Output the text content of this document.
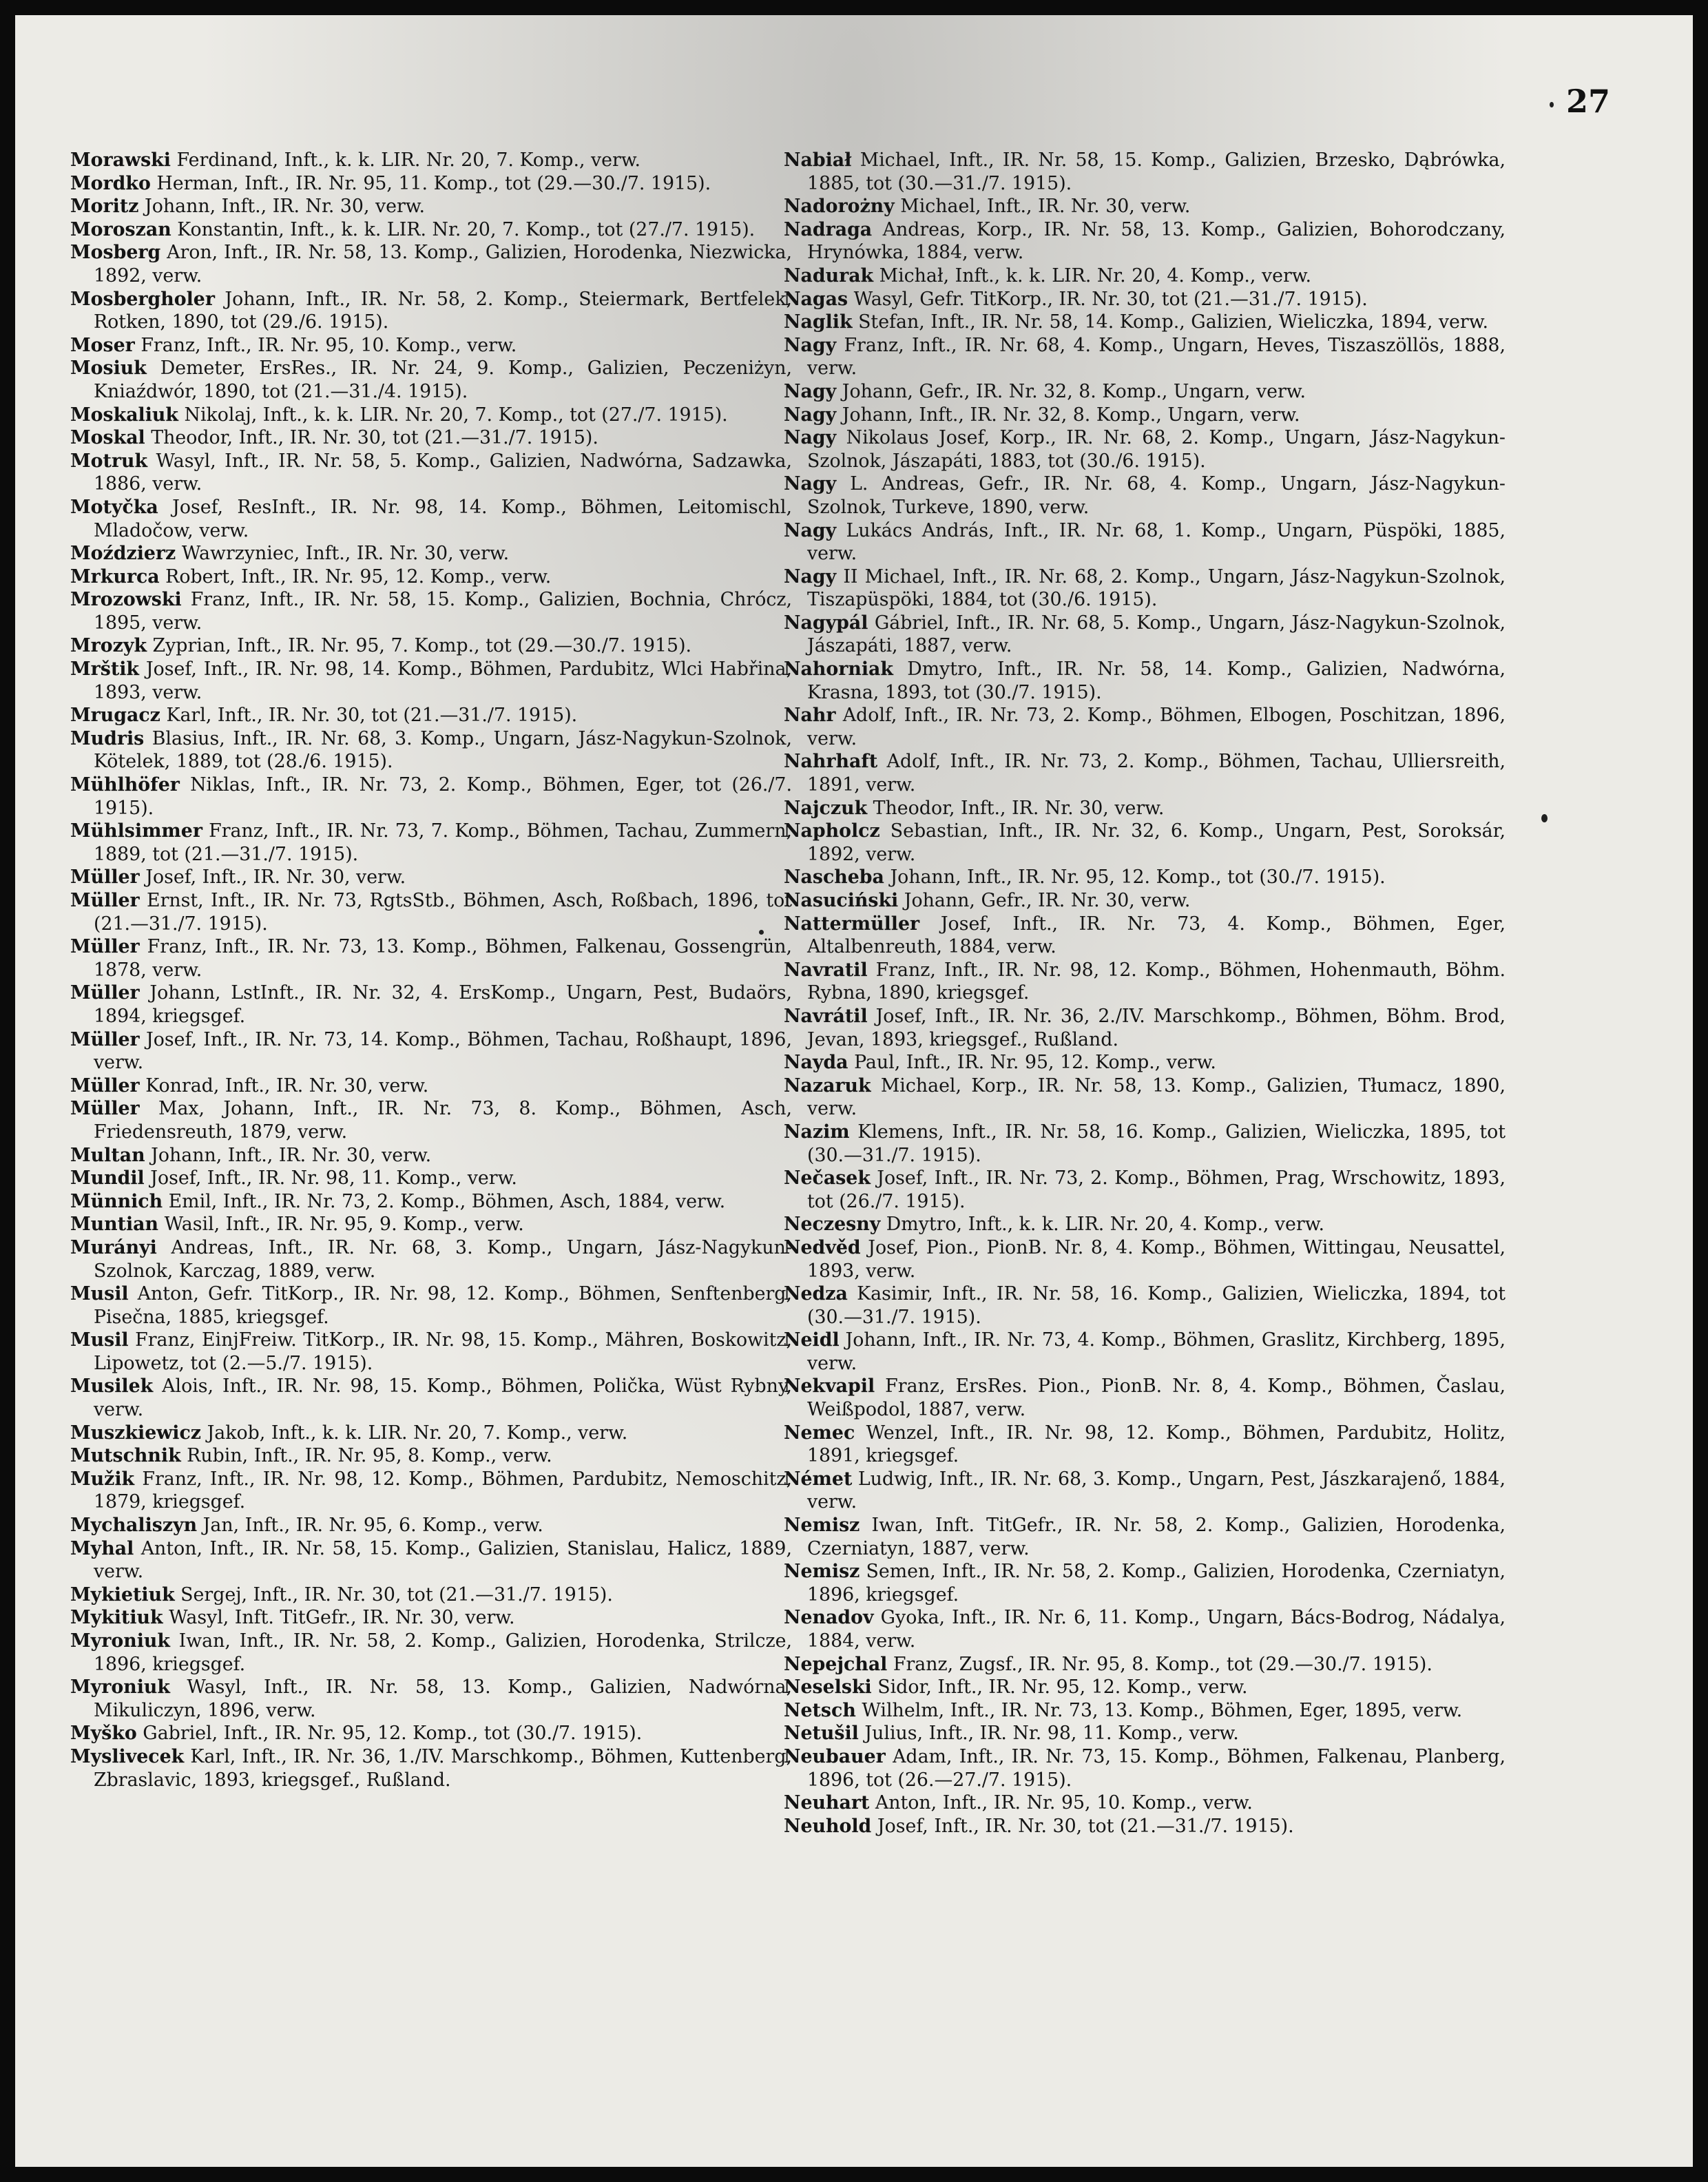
27

Morawski Ferdinand, Inft., k. k. LIR. Nr. 20, 7. Komp., verw.

Mordko Herman, Inft., IR. Nr. 95, 11. Komp., tot (29.—30./7. 1915).

Moritz Johann, Inft., IR. Nr. 30, verw.

Moroszan Konstantin, Inft., k. k. LIR. Nr. 20, 7. Komp., tot (27./7. 1915).

Mosberg Aron, Inft., IR. Nr. 58, 13. Komp., Galizien, Horodenka, Niezwicka, 1892, verw.

Mosbergholer Johann, Inft., IR. Nr. 58, 2. Komp., Steiermark, Bertfelek, Rotken, 1890, tot (29./6. 1915).

Moser Franz, Inft., IR. Nr. 95, 10. Komp., verw.

Mosiuk Demeter, ErsRes., IR. Nr. 24, 9. Komp., Galizien, Peczeniżyn, Kniaźdwór, 1890, tot (21.—31./4. 1915).

Moskaliuk Nikolaj, Inft., k. k. LIR. Nr. 20, 7. Komp., tot (27./7. 1915).

Moskal Theodor, Inft., IR. Nr. 30, tot (21.—31./7. 1915).

Motruk Wasyl, Inft., IR. Nr. 58, 5. Komp., Galizien, Nadwórna, Sadzawka, 1886, verw.

Motyčka Josef, ResInft., IR. Nr. 98, 14. Komp., Böhmen, Leitomischl, Mladočow, verw.

Moździerz Wawrzyniec, Inft., IR. Nr. 30, verw.

Mrkurca Robert, Inft., IR. Nr. 95, 12. Komp., verw.

Mrozowski Franz, Inft., IR. Nr. 58, 15. Komp., Galizien, Bochnia, Chrócz, 1895, verw.

Mrozyk Zyprian, Inft., IR. Nr. 95, 7. Komp., tot (29.—30./7. 1915).

Mrštik Josef, Inft., IR. Nr. 98, 14. Komp., Böhmen, Pardubitz, Wlci Habřina, 1893, verw.

Mrugacz Karl, Inft., IR. Nr. 30, tot (21.—31./7. 1915).

Mudris Blasius, Inft., IR. Nr. 68, 3. Komp., Ungarn, Jász-Nagykun-Szolnok, Kötelek, 1889, tot (28./6. 1915).

Mühlhöfer Niklas, Inft., IR. Nr. 73, 2. Komp., Böhmen, Eger, tot (26./7. 1915).

Mühlsimmer Franz, Inft., IR. Nr. 73, 7. Komp., Böhmen, Tachau, Zummern, 1889, tot (21.—31./7. 1915).

Müller Josef, Inft., IR. Nr. 30, verw.

Müller Ernst, Inft., IR. Nr. 73, RgtsStb., Böhmen, Asch, Roßbach, 1896, tot (21.—31./7. 1915).

Müller Franz, Inft., IR. Nr. 73, 13. Komp., Böhmen, Falkenau, Gossengrün, 1878, verw.

Müller Johann, LstInft., IR. Nr. 32, 4. ErsKomp., Ungarn, Pest, Budaörs, 1894, kriegsgef.

Müller Josef, Inft., IR. Nr. 73, 14. Komp., Böhmen, Tachau, Roßhaupt, 1896, verw.

Müller Konrad, Inft., IR. Nr. 30, verw.

Müller Max, Johann, Inft., IR. Nr. 73, 8. Komp., Böhmen, Asch, Friedensreuth, 1879, verw.

Multan Johann, Inft., IR. Nr. 30, verw.

Mundil Josef, Inft., IR. Nr. 98, 11. Komp., verw.

Münnich Emil, Inft., IR. Nr. 73, 2. Komp., Böhmen, Asch, 1884, verw.

Muntian Wasil, Inft., IR. Nr. 95, 9. Komp., verw.

Murányi Andreas, Inft., IR. Nr. 68, 3. Komp., Ungarn, Jász-Nagykun-Szolnok, Karczag, 1889, verw.

Musil Anton, Gefr. TitKorp., IR. Nr. 98, 12. Komp., Böhmen, Senftenberg, Pisečna, 1885, kriegsgef.

Musil Franz, EinjFreiw. TitKorp., IR. Nr. 98, 15. Komp., Mähren, Boskowitz, Lipowetz, tot (2.—5./7. 1915).

Musilek Alois, Inft., IR. Nr. 98, 15. Komp., Böhmen, Polička, Wüst Rybny, verw.

Muszkiewicz Jakob, Inft., k. k. LIR. Nr. 20, 7. Komp., verw.

Mutschnik Rubin, Inft., IR. Nr. 95, 8. Komp., verw.

Mužik Franz, Inft., IR. Nr. 98, 12. Komp., Böhmen, Pardubitz, Nemoschitz, 1879, kriegsgef.

Mychaliszyn Jan, Inft., IR. Nr. 95, 6. Komp., verw.

Myhal Anton, Inft., IR. Nr. 58, 15. Komp., Galizien, Stanislau, Halicz, 1889, verw.

Mykietiuk Sergej, Inft., IR. Nr. 30, tot (21.—31./7. 1915).

Mykitiuk Wasyl, Inft. TitGefr., IR. Nr. 30, verw.

Myroniuk Iwan, Inft., IR. Nr. 58, 2. Komp., Galizien, Horodenka, Strilcze, 1896, kriegsgef.

Myroniuk Wasyl, Inft., IR. Nr. 58, 13. Komp., Galizien, Nadwórna, Mikuliczyn, 1896, verw.

Myško Gabriel, Inft., IR. Nr. 95, 12. Komp., tot (30./7. 1915).

Myslivecek Karl, Inft., IR. Nr. 36, 1./IV. Marschkomp., Böhmen, Kuttenberg, Zbraslavic, 1893, kriegsgef., Rußland.

Nabiał Michael, Inft., IR. Nr. 58, 15. Komp., Galizien, Brzesko, Dąbrówka, 1885, tot (30.—31./7. 1915).

Nadorożny Michael, Inft., IR. Nr. 30, verw.

Nadraga Andreas, Korp., IR. Nr. 58, 13. Komp., Galizien, Bohorodczany, Hrynówka, 1884, verw.

Nadurak Michał, Inft., k. k. LIR. Nr. 20, 4. Komp., verw.

Nagas Wasyl, Gefr. TitKorp., IR. Nr. 30, tot (21.—31./7. 1915).

Naglik Stefan, Inft., IR. Nr. 58, 14. Komp., Galizien, Wieliczka, 1894, verw.

Nagy Franz, Inft., IR. Nr. 68, 4. Komp., Ungarn, Heves, Tiszaszöllös, 1888, verw.

Nagy Johann, Gefr., IR. Nr. 32, 8. Komp., Ungarn, verw.

Nagy Johann, Inft., IR. Nr. 32, 8. Komp., Ungarn, verw.

Nagy Nikolaus Josef, Korp., IR. Nr. 68, 2. Komp., Ungarn, Jász-Nagykun-Szolnok, Jászapáti, 1883, tot (30./6. 1915).

Nagy L. Andreas, Gefr., IR. Nr. 68, 4. Komp., Ungarn, Jász-Nagykun-Szolnok, Turkeve, 1890, verw.

Nagy Lukács András, Inft., IR. Nr. 68, 1. Komp., Ungarn, Püspöki, 1885, verw.

Nagy II Michael, Inft., IR. Nr. 68, 2. Komp., Ungarn, Jász-Nagykun-Szolnok, Tiszapüspöki, 1884, tot (30./6. 1915).

Nagypál Gábriel, Inft., IR. Nr. 68, 5. Komp., Ungarn, Jász-Nagykun-Szolnok, Jászapáti, 1887, verw.

Nahorniak Dmytro, Inft., IR. Nr. 58, 14. Komp., Galizien, Nadwórna, Krasna, 1893, tot (30./7. 1915).

Nahr Adolf, Inft., IR. Nr. 73, 2. Komp., Böhmen, Elbogen, Poschitzan, 1896, verw.

Nahrhaft Adolf, Inft., IR. Nr. 73, 2. Komp., Böhmen, Tachau, Ulliersreith, 1891, verw.

Najczuk Theodor, Inft., IR. Nr. 30, verw.

Napholcz Sebastian, Inft., IR. Nr. 32, 6. Komp., Ungarn, Pest, Soroksár, 1892, verw.

Nascheba Johann, Inft., IR. Nr. 95, 12. Komp., tot (30./7. 1915).

Nasuciński Johann, Gefr., IR. Nr. 30, verw.

Nattermüller Josef, Inft., IR. Nr. 73, 4. Komp., Böhmen, Eger, Altalbenreuth, 1884, verw.

Navratil Franz, Inft., IR. Nr. 98, 12. Komp., Böhmen, Hohenmauth, Böhm. Rybna, 1890, kriegsgef.

Navrátil Josef, Inft., IR. Nr. 36, 2./IV. Marschkomp., Böhmen, Böhm. Brod, Jevan, 1893, kriegsgef., Rußland.

Nayda Paul, Inft., IR. Nr. 95, 12. Komp., verw.

Nazaruk Michael, Korp., IR. Nr. 58, 13. Komp., Galizien, Tłumacz, 1890, verw.

Nazim Klemens, Inft., IR. Nr. 58, 16. Komp., Galizien, Wieliczka, 1895, tot (30.—31./7. 1915).

Nečasek Josef, Inft., IR. Nr. 73, 2. Komp., Böhmen, Prag, Wrschowitz, 1893, tot (26./7. 1915).

Neczesny Dmytro, Inft., k. k. LIR. Nr. 20, 4. Komp., verw.

Nedvěd Josef, Pion., PionB. Nr. 8, 4. Komp., Böhmen, Wittingau, Neusattel, 1893, verw.

Nedza Kasimir, Inft., IR. Nr. 58, 16. Komp., Galizien, Wieliczka, 1894, tot (30.—31./7. 1915).

Neidl Johann, Inft., IR. Nr. 73, 4. Komp., Böhmen, Graslitz, Kirchberg, 1895, verw.

Nekvapil Franz, ErsRes. Pion., PionB. Nr. 8, 4. Komp., Böhmen, Časlau, Weißpodol, 1887, verw.

Nemec Wenzel, Inft., IR. Nr. 98, 12. Komp., Böhmen, Pardubitz, Holitz, 1891, kriegsgef.

Német Ludwig, Inft., IR. Nr. 68, 3. Komp., Ungarn, Pest, Jászkarajenő, 1884, verw.

Nemisz Iwan, Inft. TitGefr., IR. Nr. 58, 2. Komp., Galizien, Horodenka, Czerniatyn, 1887, verw.

Nemisz Semen, Inft., IR. Nr. 58, 2. Komp., Galizien, Horodenka, Czerniatyn, 1896, kriegsgef.

Nenadov Gyoka, Inft., IR. Nr. 6, 11. Komp., Ungarn, Bács-Bodrog, Nádalya, 1884, verw.

Nepejchal Franz, Zugsf., IR. Nr. 95, 8. Komp., tot (29.—30./7. 1915).

Neselski Sidor, Inft., IR. Nr. 95, 12. Komp., verw.

Netsch Wilhelm, Inft., IR. Nr. 73, 13. Komp., Böhmen, Eger, 1895, verw.

Netušil Julius, Inft., IR. Nr. 98, 11. Komp., verw.

Neubauer Adam, Inft., IR. Nr. 73, 15. Komp., Böhmen, Falkenau, Planberg, 1896, tot (26.—27./7. 1915).

Neuhart Anton, Inft., IR. Nr. 95, 10. Komp., verw.

Neuhold Josef, Inft., IR. Nr. 30, tot (21.—31./7. 1915).
